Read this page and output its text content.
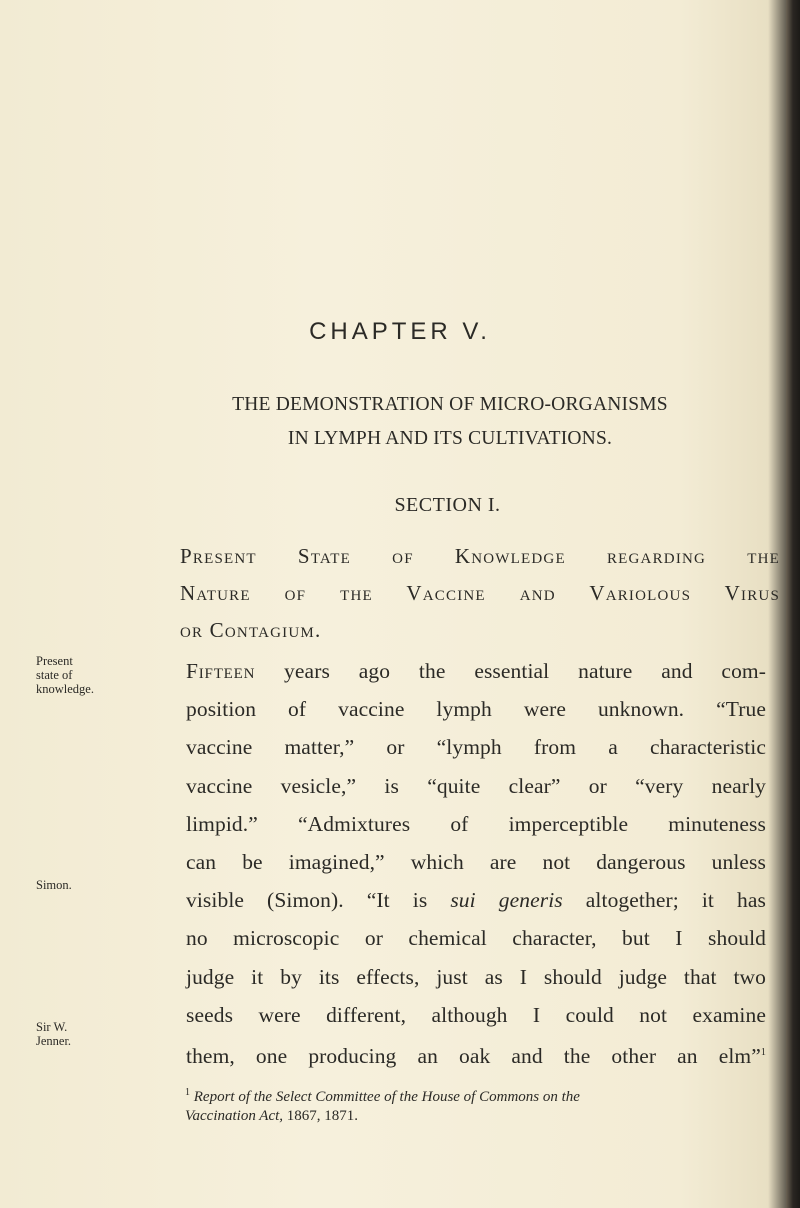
CHAPTER V.
THE DEMONSTRATION OF MICRO-ORGANISMS
IN LYMPH AND ITS CULTIVATIONS.
SECTION I.
Present State of Knowledge regarding the
Nature of the Vaccine and Variolous Virus
or Contagium.
Present
state of
knowledge.
Simon.
Sir W.
Jenner.
Fifteen years ago the essential nature and com-
position of vaccine lymph were unknown. “True
vaccine matter,” or “lymph from a characteristic
vaccine vesicle,” is “quite clear” or “very nearly
limpid.” “Admixtures of imperceptible minuteness
can be imagined,” which are not dangerous unless
visible (Simon). “It is sui generis altogether; it has
no microscopic or chemical character, but I should
judge it by its effects, just as I should judge that two
seeds were different, although I could not examine
them, one producing an oak and the other an elm”$^1$
$^1$ Report of the Select Committee of the House of Commons on the
Vaccination Act, 1867, 1871.
